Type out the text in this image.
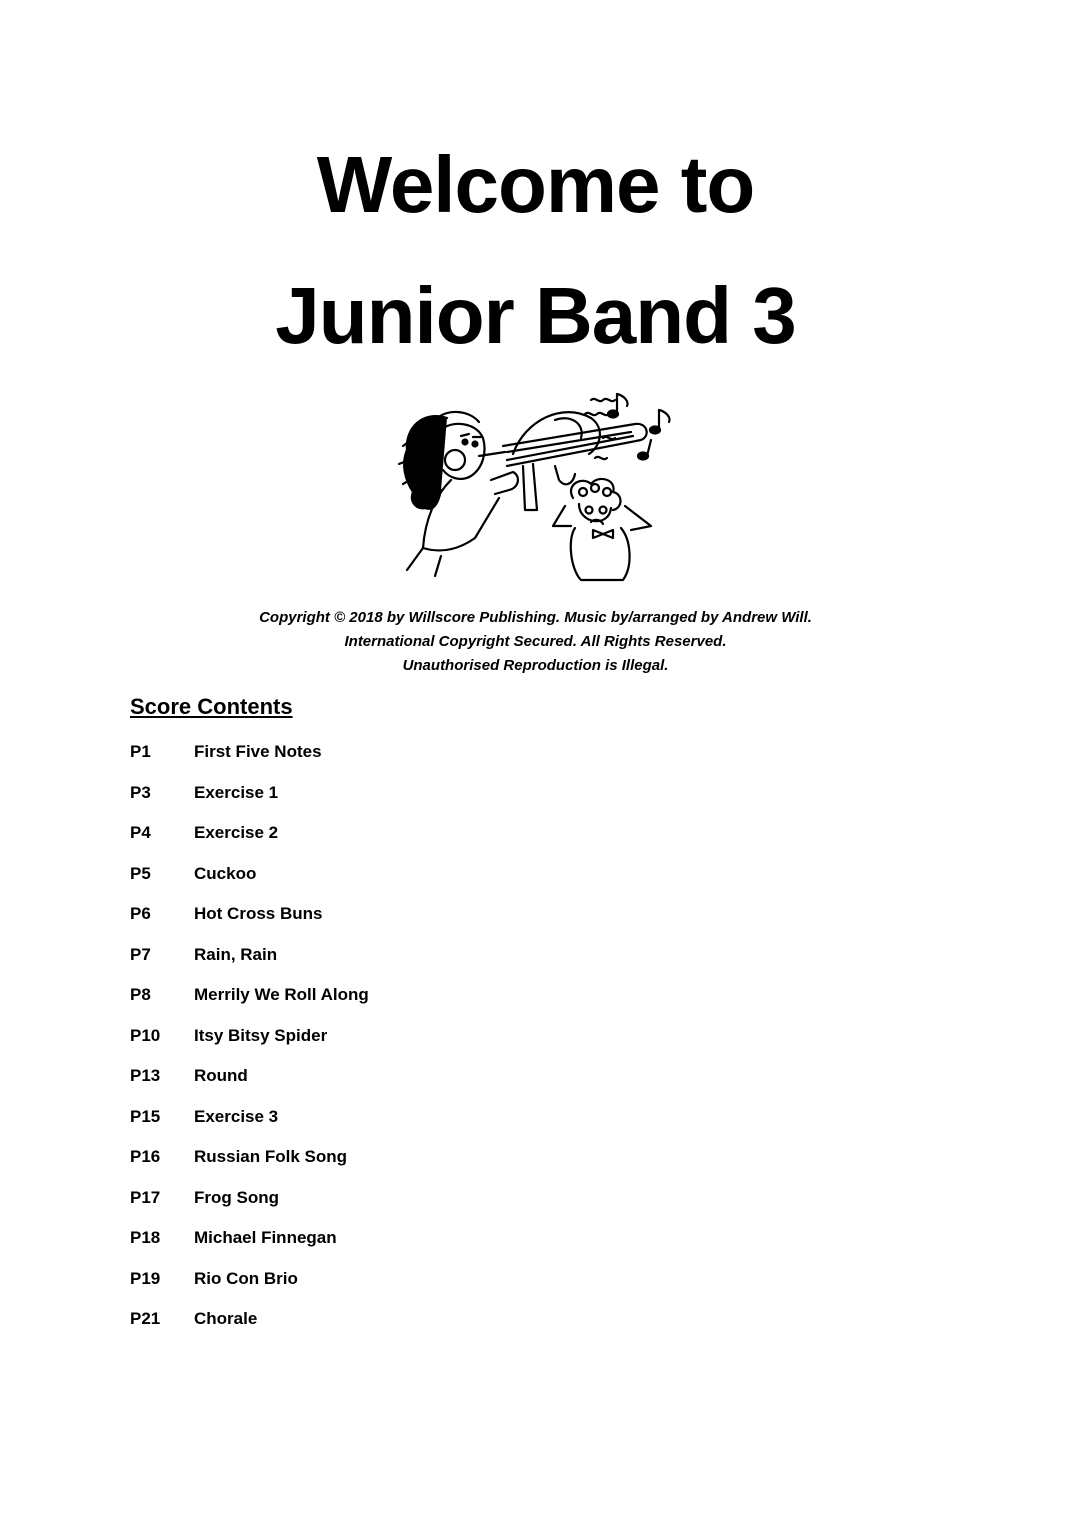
Welcome to
Junior Band 3
Copyright © 2018 by Willscore Publishing. Music by/arranged by Andrew Will.
International Copyright Secured. All Rights Reserved.
Unauthorised Reproduction is Illegal.
Score Contents
P1	First Five Notes
P3	Exercise 1
P4	Exercise 2
P5	Cuckoo
P6	Hot Cross Buns
P7	Rain, Rain
P8	Merrily We Roll Along
P10	Itsy Bitsy Spider
P13	Round
P15	Exercise 3
P16	Russian Folk Song
P17	Frog Song
P18	Michael Finnegan
P19	Rio Con Brio
P21	Chorale
